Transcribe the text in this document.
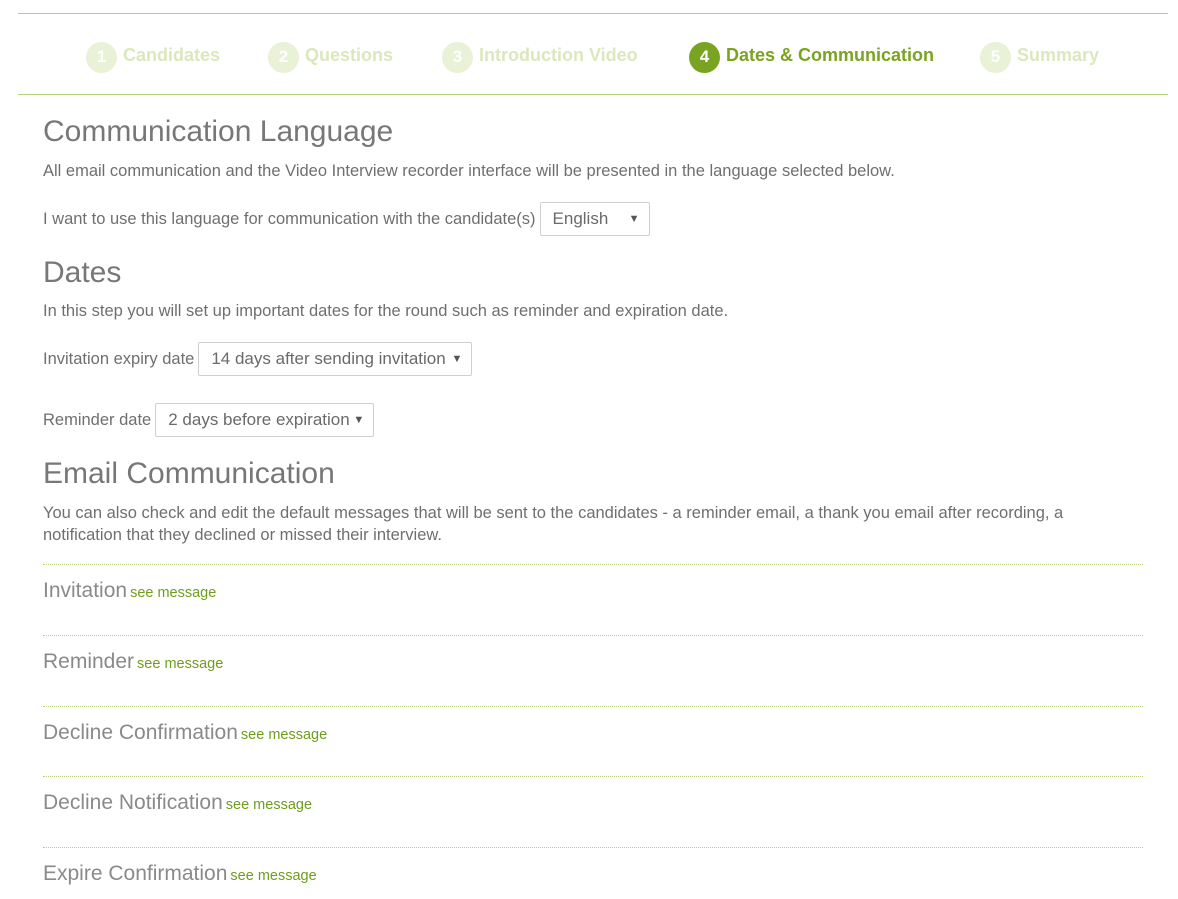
1 Candidates	2 Questions	3 Introduction Video	4 Dates & Communication	5 Summary
Communication Language

All email communication and the Video Interview recorder interface will be presented in the language selected below.

I want to use this language for communication with the candidate(s) English ▼
Dates

In this step you will set up important dates for the round such as reminder and expiration date.

Invitation expiry date 14 days after sending invitation ▼
Reminder date 2 days before expiration ▼
Email Communication

You can also check and edit the default messages that will be sent to the candidates - a reminder email, a thank you email after recording, a notification that they declined or missed their interview.

Invitation see message
Reminder see message
Decline Confirmation see message
Decline Notification see message
Expire Confirmation see message
